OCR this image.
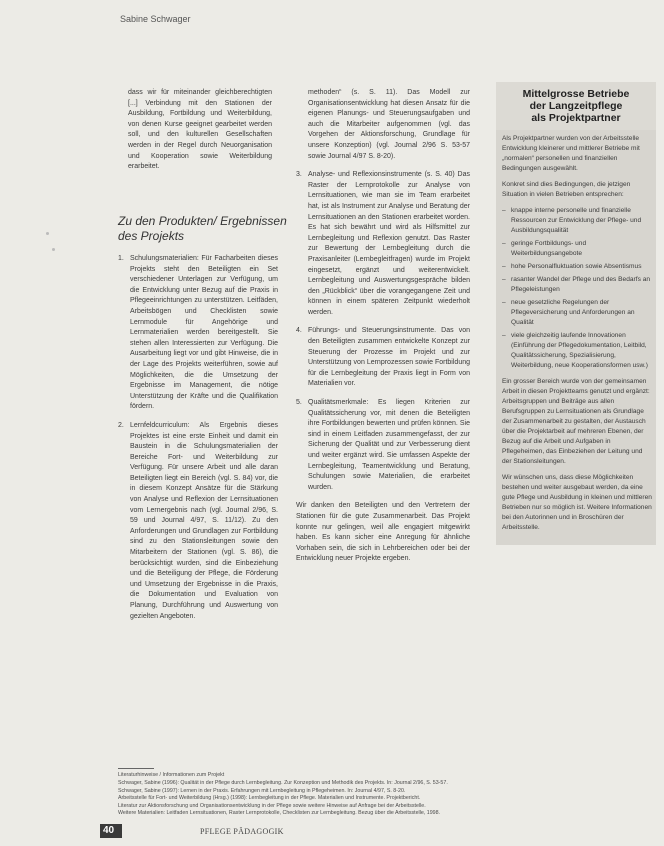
Sabine Schwager

dass wir für miteinander gleichberechtigten [...] Verbindung mit den Stationen der Ausbildung, Fortbildung und Weiterbildung, von denen Kurse geeignet gearbeitet werden soll, und den kulturellen Gesellschaften werden in der Regel durch Neuorganisation und Kooperation sowie Weiterbildung erarbeitet.

Zu den Produkten/ Ergebnissen des Projekts
1. Schulungsmaterialien: Für Facharbeiten dieses Projekts steht den Beteiligten ein Set verschiedener Unterlagen zur Verfügung, um die Entwicklung unter Bezug auf die Praxis in Pflegeeinrichtungen zu unterstützen. Leitfäden, Arbeitsbögen und Checklisten sowie Lernmodule für Angehörige und Lernmaterialien werden bereitgestellt. Sie stehen allen Interessierten zur Verfügung. Die Ausarbeitung liegt vor und gibt Hinweise, die in der Lage des Projekts weiterführen, sowie auf Möglichkeiten, die die Umsetzung der Ergebnisse im Management, die nötige Unterstützung der Kräfte und die Qualifikation fördern.
2. Lernfeldcurriculum: Als Ergebnis dieses Projektes ist eine erste Einheit und damit ein Baustein in die Schulungsmaterialien der Bereiche Fort- und Weiterbildung zur Verfügung. Für unsere Arbeit und alle daran Beteiligten liegt ein Bereich (vgl. S. 84) vor, die in diesem Konzept Ansätze für die Stärkung von Analyse und Reflexion der Lernsituationen vom Lernergebnis nach (vgl. Journal 2/96, S. 59 und Journal 4/97, S. 11/12). Zu den Anforderungen und Grundlagen zur Fortbildung sind zu den Stationsleitungen sowie den Mitarbeitern der Stationen (vgl. S. 86), die berücksichtigt wurden, sind die Einbeziehung und die Beteiligung der Pflege, die Förderung und Umsetzung der Ergebnisse in die Praxis, die Dokumentation und Evaluation von Planung, Durchführung und Auswertung von gezielten Angeboten.
methoden“ (s. S. 11). Das Modell zur Organisationsentwicklung hat diesen Ansatz für die eigenen Planungs- und Steuerungsaufgaben und auch die Mitarbeiter aufgenommen (vgl. das Vorgehen der Aktionsforschung, Grundlage für unsere Konzeption) (vgl. Journal 2/96 S. 53-57 sowie Journal 4/97 S. 8-20).
3. Analyse- und Reflexionsinstrumente (s. S. 40) Das Raster der Lernprotokolle zur Analyse von Lernsituationen, wie man sie im Team erarbeitet hat, ist als Instrument zur Analyse und Beratung der Lernsituationen an den Stationen erarbeitet worden. Es hat sich bewährt und wird als Hilfsmittel zur Lernbegleitung und Reflexion genutzt. Das Raster zur Bewertung der Lernbegleitung durch die Praxisanleiter (Lernbegleitfragen) wurde im Projekt eingesetzt, ergänzt und weiterentwickelt. Lernbegleitung und Auswertungsgespräche bilden den „Rückblick“ über die vorangegangene Zeit und können in einem späteren Zeitpunkt wiederholt werden.
4. Führungs- und Steuerungsinstrumente. Das von den Beteiligten zusammen entwickelte Konzept zur Steuerung der Prozesse im Projekt und zur Unterstützung von Lernprozessen sowie Fortbildung für die Lernbegleitung der Praxis liegt in Form von Materialien vor.
5. Qualitätsmerkmale: Es liegen Kriterien zur Qualitätssicherung vor, mit denen die Beteiligten ihre Fortbildungen bewerten und prüfen können. Sie sind in einem Leitfaden zusammengefasst, der zur Sicherung der Qualität und zur Verbesserung dient und weiter ergänzt wird. Sie umfassen Aspekte der Lernbegleitung, Teamentwicklung und Beratung, Schulungen sowie Materialien, die erarbeitet wurden.

Wir danken den Beteiligten und den Vertretern der Stationen für die gute Zusammenarbeit. Das Projekt konnte nur gelingen, weil alle engagiert mitgewirkt haben. Es kann sicher eine Anregung für ähnliche Vorhaben sein, die sich in Lehrbereichen oder bei der Entwicklung neuer Projekte ergeben.

Mittelgrosse Betriebe
der Langzeitpflege
als Projektpartner

Als Projektpartner wurden von der Arbeitsstelle Entwicklung kleinerer und mittlerer Betriebe mit „normalen“ personellen und finanziellen Bedingungen ausgewählt.

Konkret sind dies Bedingungen, die jetzigen Situation in vielen Betrieben entsprechen:

– knappe interne personelle und finanzielle Ressourcen zur Entwicklung der Pflege- und Ausbildungsqualität
– geringe Fortbildungs- und Weiterbildungsangebote
– hohe Personalfluktuation sowie Absentismus
– rasanter Wandel der Pflege und des Bedarfs an Pflegeleistungen
– neue gesetzliche Regelungen der Pflegeversicherung und Anforderungen an Qualität
– viele gleichzeitig laufende Innovationen (Einführung der Pflegedokumentation, Leitbild, Qualitätssicherung, Spezialisierung, Weiterbildung, neue Kooperationsformen usw.)

Ein grosser Bereich wurde von der gemeinsamen Arbeit in diesen Projektteams genutzt und ergänzt: Arbeitsgruppen und Beiträge aus allen Berufsgruppen zu Lernsituationen als Grundlage der Zusammenarbeit zu gestalten, der Austausch über die Projektarbeit auf mehreren Ebenen, der Bezug auf die Arbeit und Aufgaben in Pflegeheimen, das Einbeziehen der Leitung und der Stationsleitungen.

Wir wünschen uns, dass diese Möglichkeiten bestehen und weiter ausgebaut werden, da eine gute Pflege und Ausbildung in kleinen und mittleren Betrieben nur so möglich ist. Weitere Informationen bei den Autorinnen und in Broschüren der Arbeitsstelle.

Literaturhinweise / Informationen zum Projekt
Schwager, Sabine (1996): Qualität in der Pflege durch Lernbegleitung. Zur Konzeption und Methodik des Projekts. In: Journal 2/96, S. 53-57.
Schwager, Sabine (1997): Lernen in der Praxis. Erfahrungen mit Lernbegleitung in Pflegeheimen. In: Journal 4/97, S. 8-20.
Arbeitsstelle für Fort- und Weiterbildung (Hrsg.) (1998): Lernbegleitung in der Pflege. Materialien und Instrumente. Projektbericht.
Literatur zur Aktionsforschung und Organisationsentwicklung in der Pflege sowie weitere Hinweise auf Anfrage bei der Arbeitsstelle.
Weitere Materialien: Leitfaden Lernsituationen, Raster Lernprotokolle, Checklisten zur Lernbegleitung. Bezug über die Arbeitsstelle, 1998.
40	PFLEGE PÄDAGOGIK
